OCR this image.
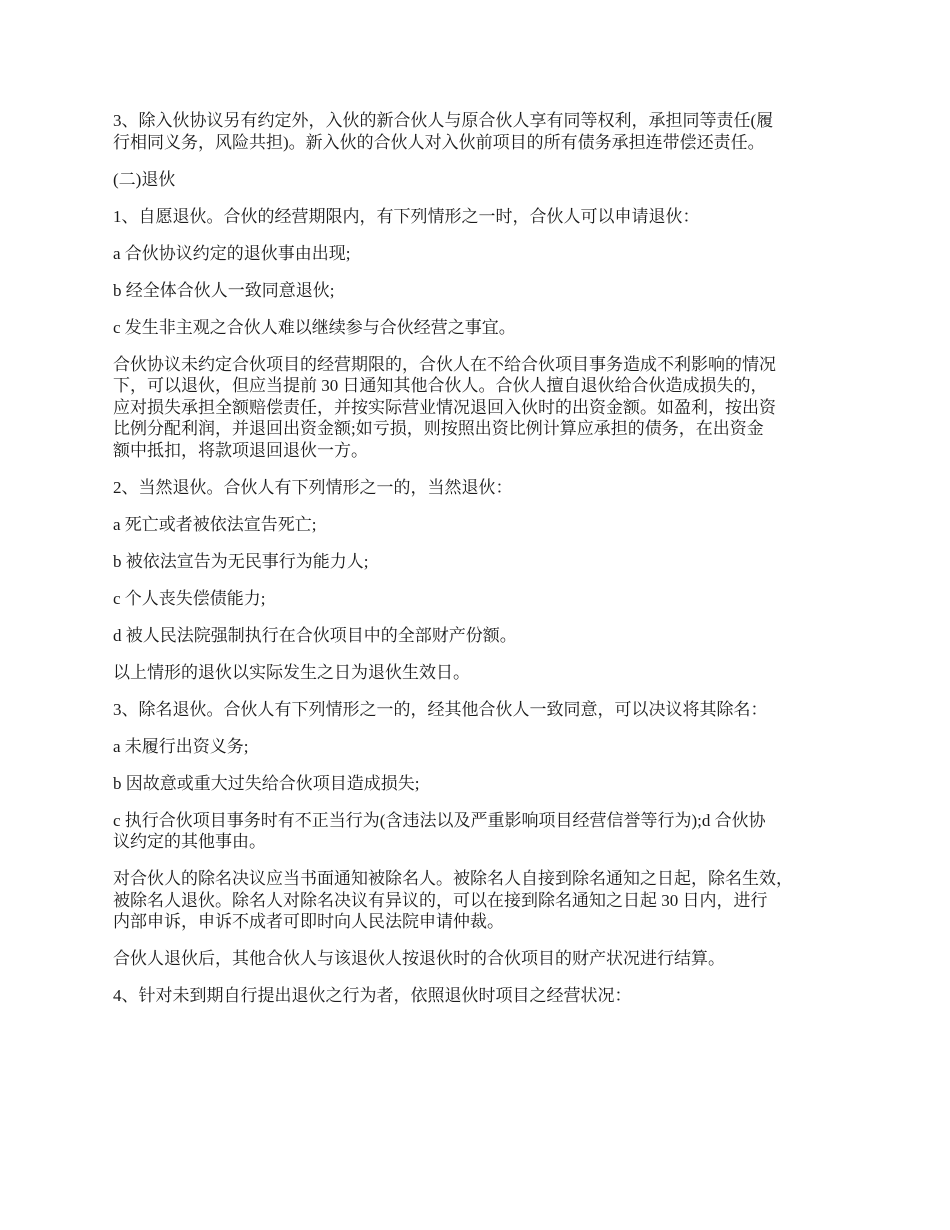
3、除入伙协议另有约定外，入伙的新合伙人与原合伙人享有同等权利，承担同等责任(履
行相同义务，风险共担)。新入伙的合伙人对入伙前项目的所有债务承担连带偿还责任。

(二)退伙

1、自愿退伙。合伙的经营期限内，有下列情形之一时，合伙人可以申请退伙：

a 合伙协议约定的退伙事由出现;

b 经全体合伙人一致同意退伙;

c 发生非主观之合伙人难以继续参与合伙经营之事宜。

合伙协议未约定合伙项目的经营期限的，合伙人在不给合伙项目事务造成不利影响的情况
下，可以退伙，但应当提前 30 日通知其他合伙人。合伙人擅自退伙给合伙造成损失的，
应对损失承担全额赔偿责任，并按实际营业情况退回入伙时的出资金额。如盈利，按出资
比例分配利润，并退回出资金额;如亏损，则按照出资比例计算应承担的债务，在出资金
额中抵扣，将款项退回退伙一方。

2、当然退伙。合伙人有下列情形之一的，当然退伙：

a 死亡或者被依法宣告死亡;

b 被依法宣告为无民事行为能力人;

c 个人丧失偿债能力;

d 被人民法院强制执行在合伙项目中的全部财产份额。

以上情形的退伙以实际发生之日为退伙生效日。

3、除名退伙。合伙人有下列情形之一的，经其他合伙人一致同意，可以决议将其除名：

a 未履行出资义务;

b 因故意或重大过失给合伙项目造成损失;

c 执行合伙项目事务时有不正当行为(含违法以及严重影响项目经营信誉等行为);d 合伙协
议约定的其他事由。

对合伙人的除名决议应当书面通知被除名人。被除名人自接到除名通知之日起，除名生效，
被除名人退伙。除名人对除名决议有异议的，可以在接到除名通知之日起 30 日内，进行
内部申诉，申诉不成者可即时向人民法院申请仲裁。

合伙人退伙后，其他合伙人与该退伙人按退伙时的合伙项目的财产状况进行结算。

4、针对未到期自行提出退伙之行为者，依照退伙时项目之经营状况：
